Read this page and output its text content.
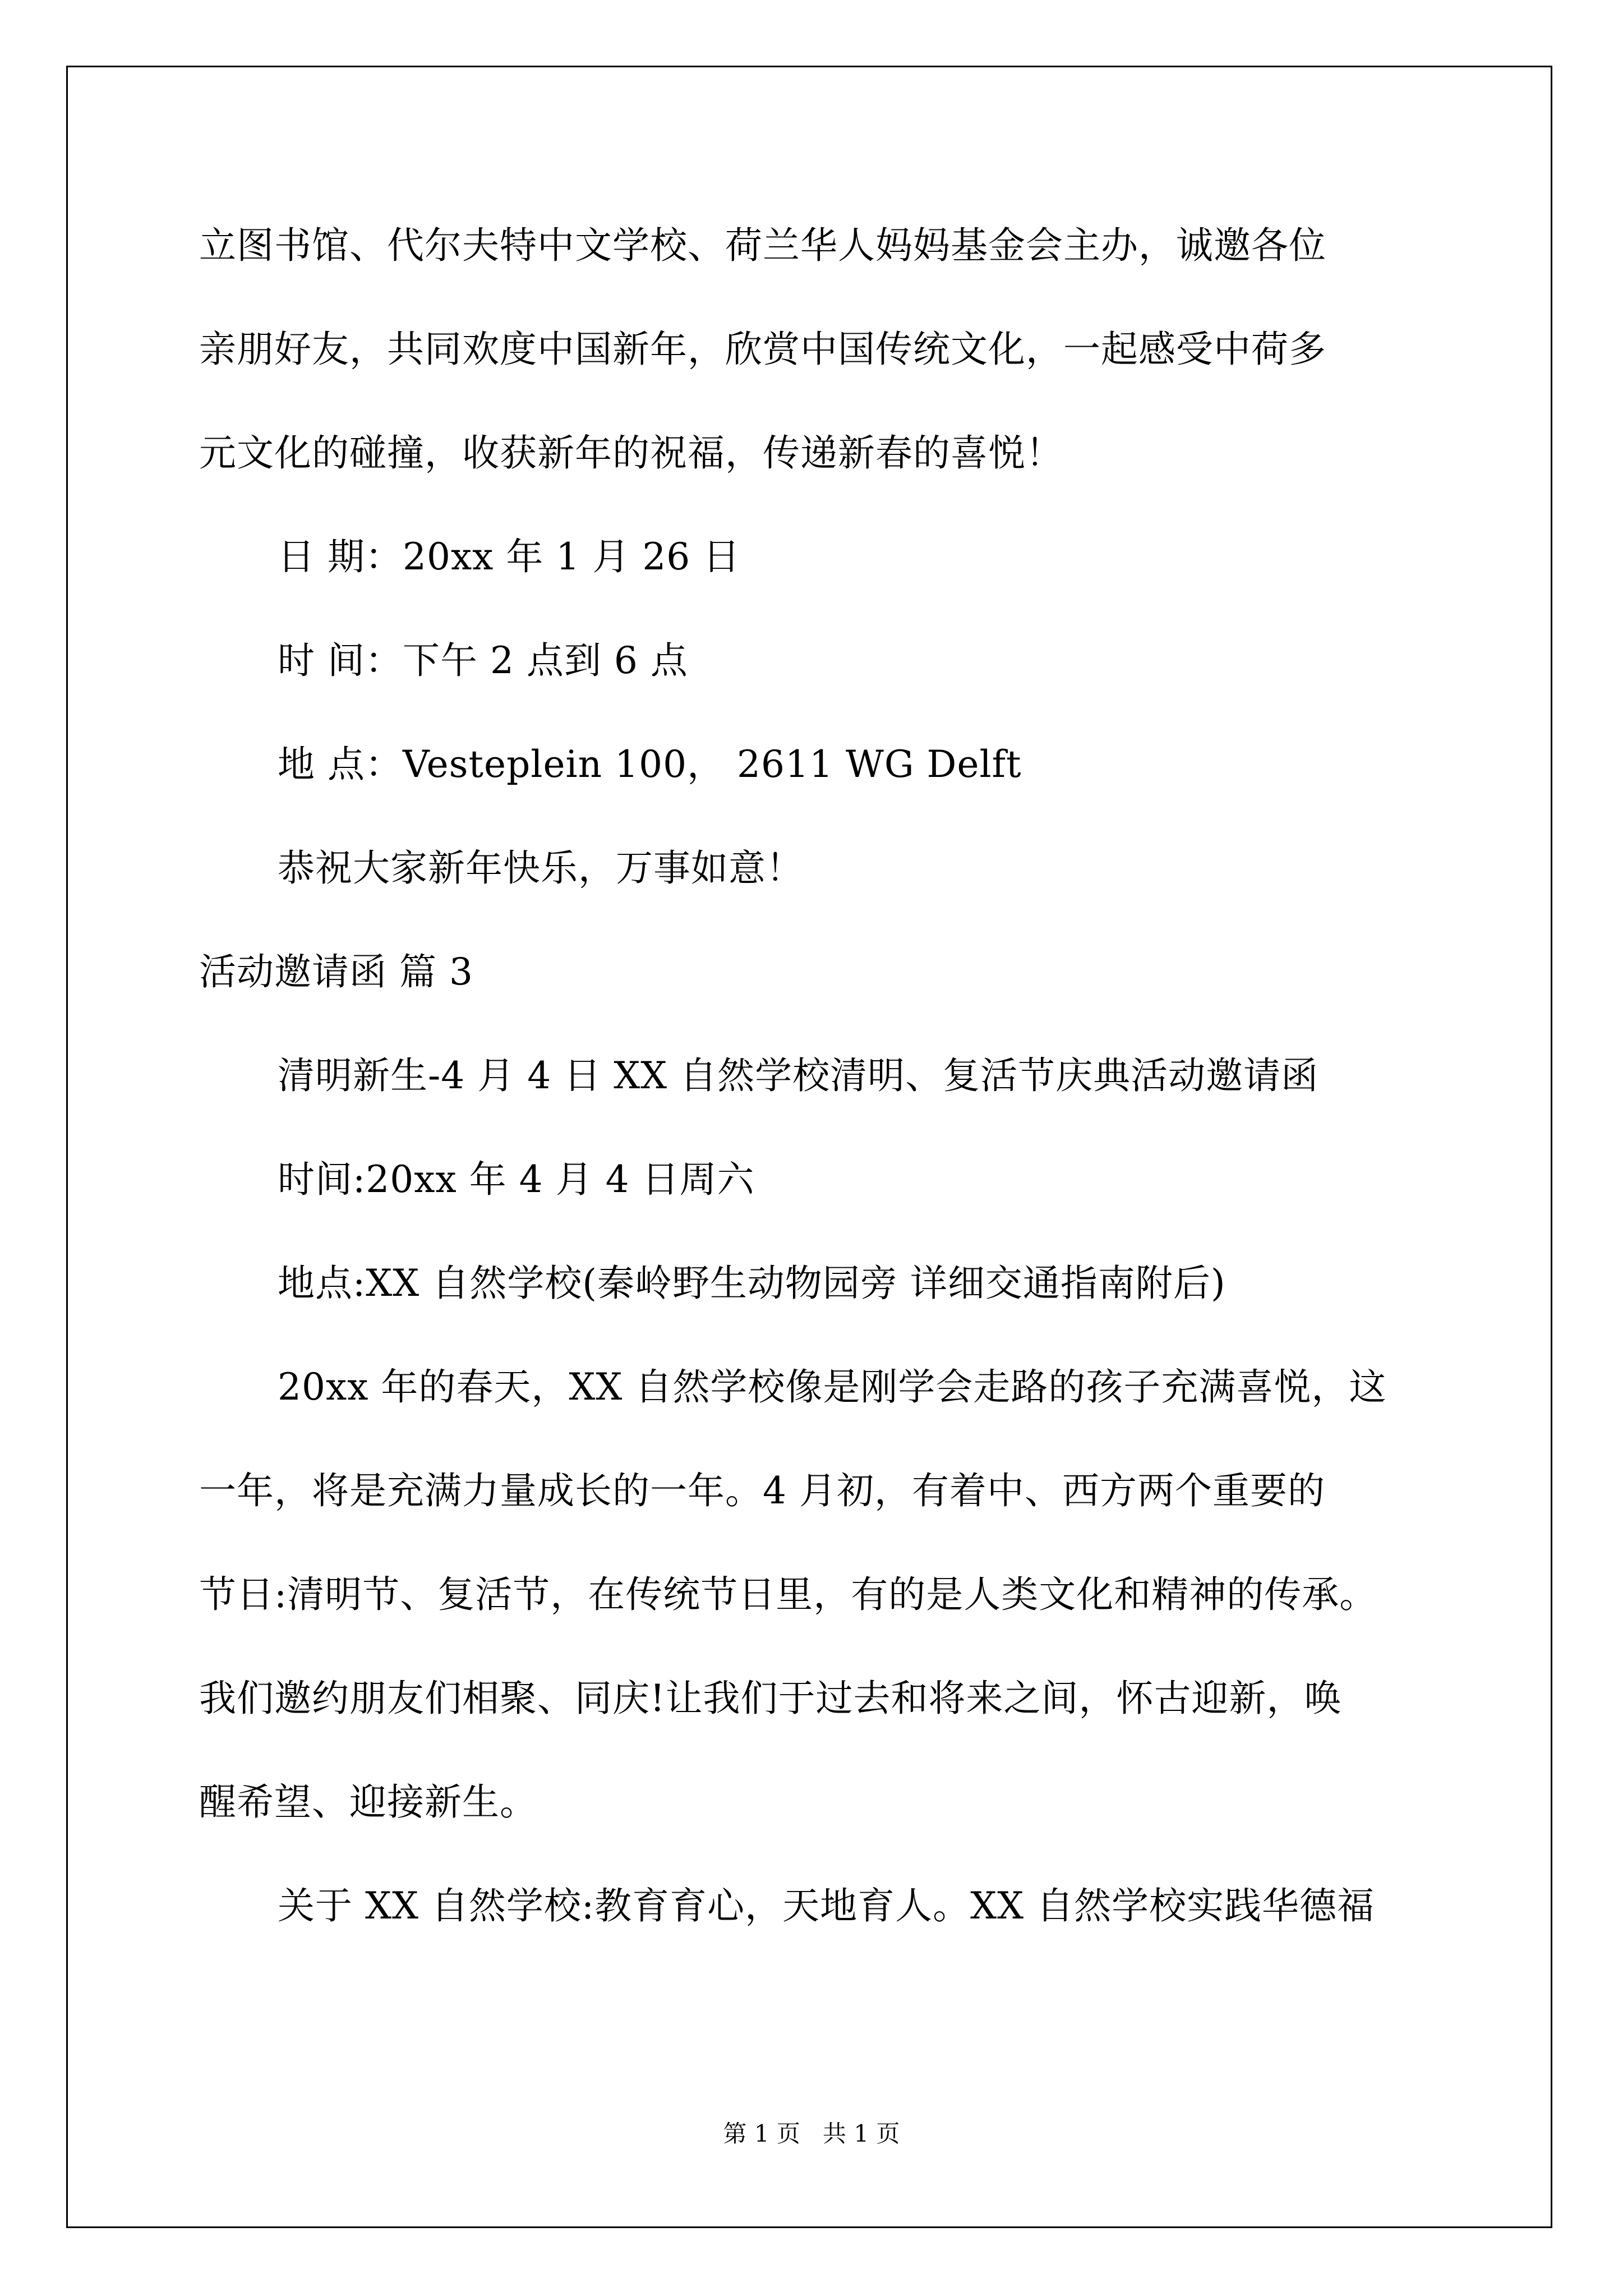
立图书馆、代尔夫特中文学校、荷兰华人妈妈基金会主办，诚邀各位
亲朋好友，共同欢度中国新年，欣赏中国传统文化，一起感受中荷多
元文化的碰撞，收获新年的祝福，传递新春的喜悦！
日 期：20xx 年 1 月 26 日
时 间：下午 2 点到 6 点
地 点：Vesteplein 100， 2611 WG Delft
恭祝大家新年快乐，万事如意！
活动邀请函 篇 3
清明新生-4 月 4 日 XX 自然学校清明、复活节庆典活动邀请函
时间:20xx 年 4 月 4 日周六
地点:XX 自然学校(秦岭野生动物园旁 详细交通指南附后)
20xx 年的春天，XX 自然学校像是刚学会走路的孩子充满喜悦，这
一年，将是充满力量成长的一年。4 月初，有着中、西方两个重要的
节日:清明节、复活节，在传统节日里，有的是人类文化和精神的传承。
我们邀约朋友们相聚、同庆!让我们于过去和将来之间，怀古迎新，唤
醒希望、迎接新生。
关于 XX 自然学校:教育育心，天地育人。XX 自然学校实践华德福
第 1 页   共 1 页
